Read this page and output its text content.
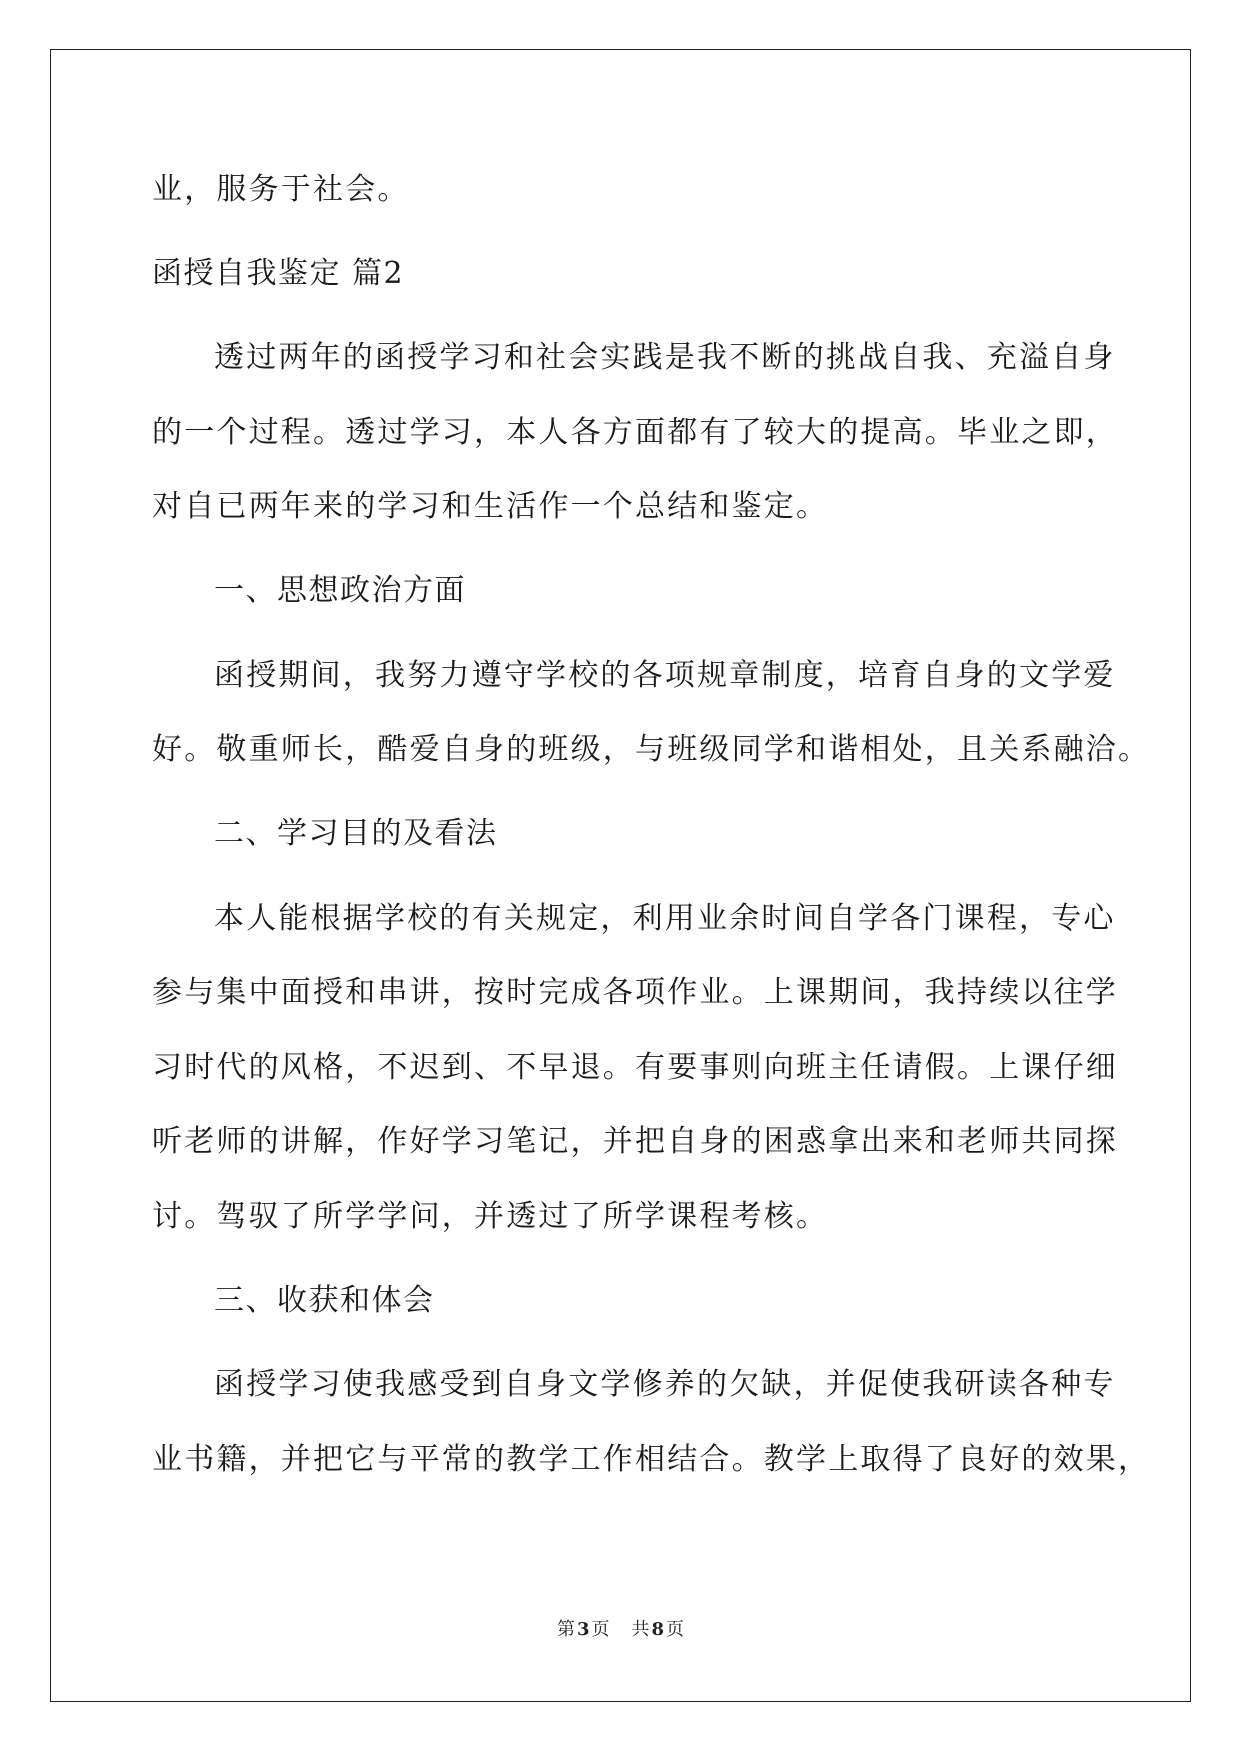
业，服务于社会。
函授自我鉴定 篇2
透过两年的函授学习和社会实践是我不断的挑战自我、充溢自身
的一个过程。透过学习，本人各方面都有了较大的提高。毕业之即，
对自已两年来的学习和生活作一个总结和鉴定。
一、思想政治方面
函授期间，我努力遵守学校的各项规章制度，培育自身的文学爱
好。敬重师长，酷爱自身的班级，与班级同学和谐相处，且关系融洽。
二、学习目的及看法
本人能根据学校的有关规定，利用业余时间自学各门课程，专心
参与集中面授和串讲，按时完成各项作业。上课期间，我持续以往学
习时代的风格，不迟到、不早退。有要事则向班主任请假。上课仔细
听老师的讲解，作好学习笔记，并把自身的困惑拿出来和老师共同探
讨。驾驭了所学学问，并透过了所学课程考核。
三、收获和体会
函授学习使我感受到自身文学修养的欠缺，并促使我研读各种专
业书籍，并把它与平常的教学工作相结合。教学上取得了良好的效果，
第 3 页 共 8 页
